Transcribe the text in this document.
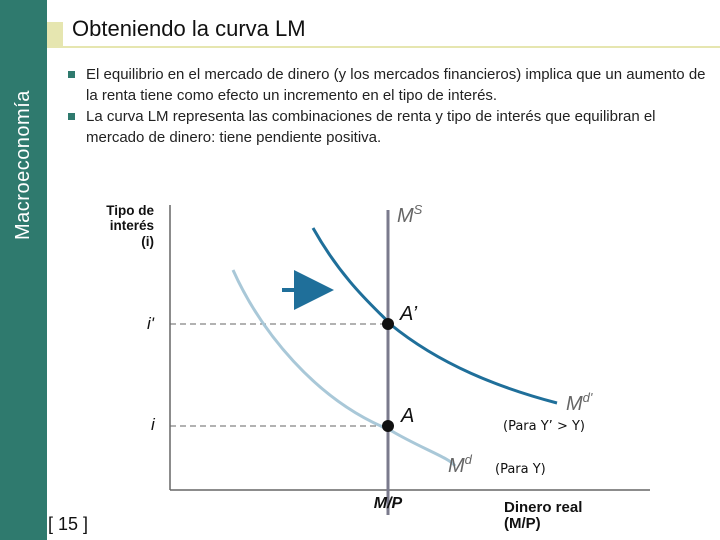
Macroeconomía
Obteniendo la curva LM
El equilibrio en el mercado de dinero (y los mercados financieros) implica que un aumento de la renta tiene como efecto un incremento en el tipo de interés.
La curva LM representa las combinaciones de renta y tipo de interés que equilibran el mercado de dinero: tiene pendiente positiva.
Tipo de
interés
(i)
$M^S$
i'
i
A’
A
$M^{d'}$
$M^d$
(Para Y’ > Y)
(Para Y)
M/P	Dinero real
(M/P)
[ 15 ]
